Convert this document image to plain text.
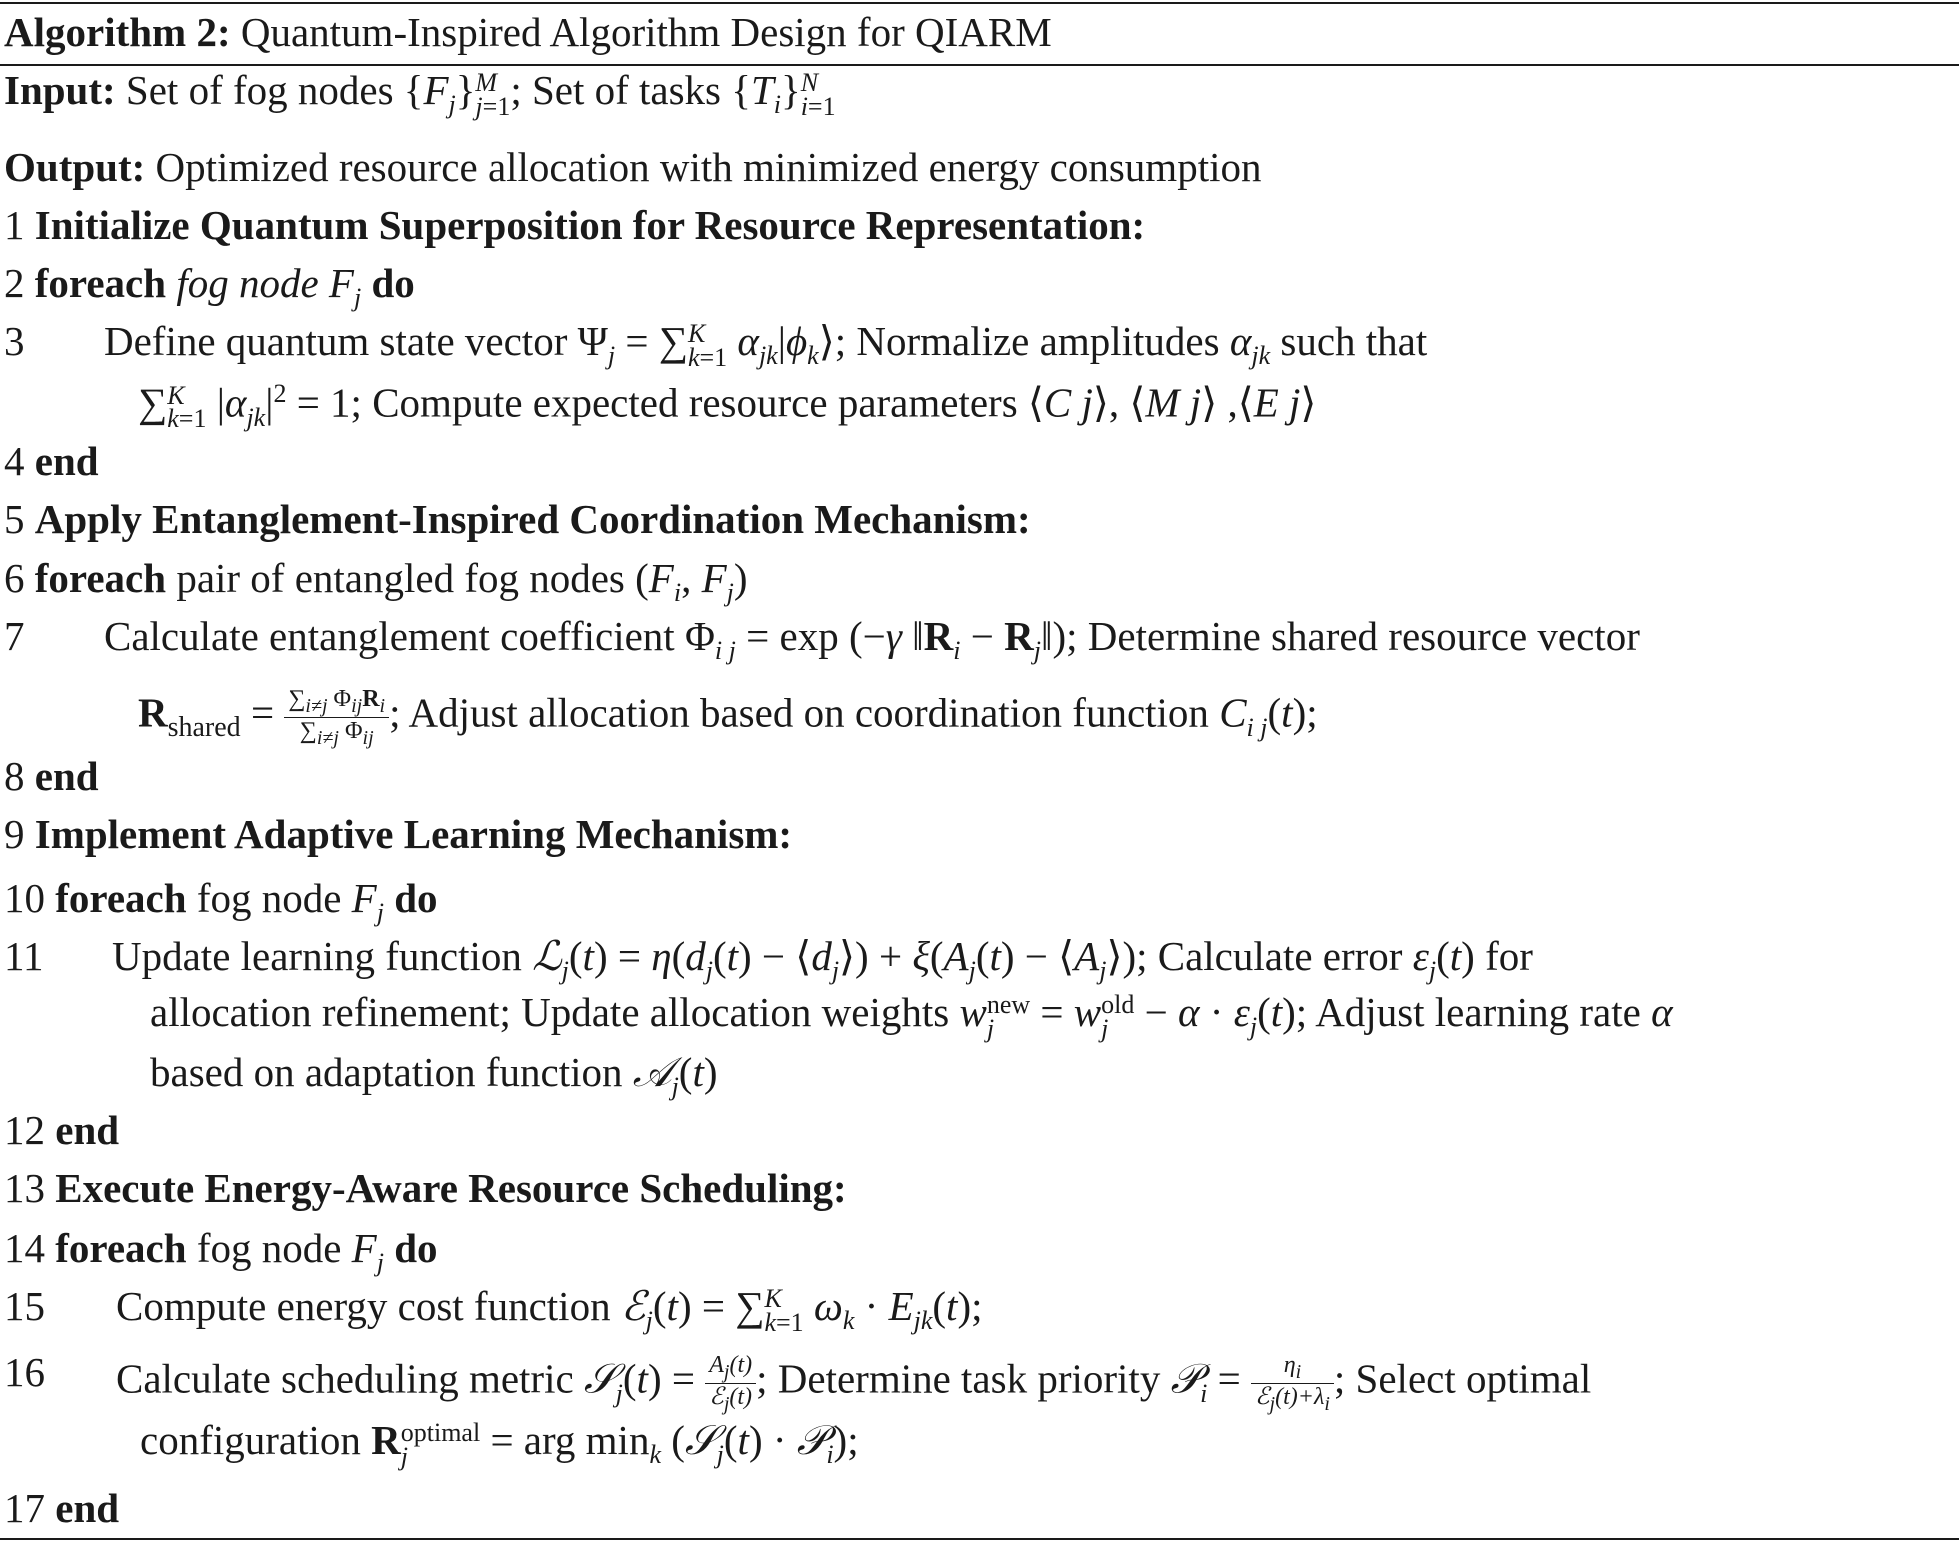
Algorithm 2: Quantum-Inspired Algorithm Design for QIARM
Input: Set of fog nodes $\{F_j\}$ M
j=1 ; Set of tasks $\{T_i\}$ N
i=1
Output: Optimized resource allocation with minimized energy consumption
1 Initialize Quantum Superposition for Resource Representation:
2 foreach fog node $F_j$ do
3 Define quantum state vector $\Psi_j$ = ∑ K
k=1 $\alpha_{jk}|\phi_k⟩$; Normalize amplitudes $\alpha_{jk}$ such that
∑ K
k=1 $|\alpha_{jk}|^2 = 1$; Compute expected resource parameters ⟨C j⟩, ⟨M j⟩ ,⟨E j⟩
4 end
5 Apply Entanglement-Inspired Coordination Mechanism:
6 foreach pair of entangled fog nodes ($F_i$, $F_j$)
7 Calculate entanglement coefficient $\Phi_{i j} = \exp (-\gamma$ $‖R_i$ − $R_j‖$); Determine shared resource vector
$R_{shared} = \sum_{i\ne j}$ $\Phi_{ij}R_i$
$\sum_{i\ne j}$ $\Phi_{ij}$
; Adjust allocation based on coordination function $C_{i j}(t)$;
8 end
9 Implement Adaptive Learning Mechanism:
10 foreach fog node $F_j$ do
11 Update learning function ℒ$_j$(t) = $\eta(d_j(t)$ − $⟨d_j⟩) + \xi(A_j(t)$ − $⟨A_j⟩$); Calculate error $\varepsilon_j(t)$ for
allocation refinement; Update allocation weights w new
j = w old
$j - \alpha \cdot \varepsilon_j(t)$; Adjust learning rate α
based on adaptation function 𝒜$_j$(t)
12 end
13 Execute Energy-Aware Resource Scheduling:
14 foreach fog node $F_j$ do
15 Compute energy cost function ℰ$_j$(t) = ∑ K
k=1 $\omega_k \cdot E_{jk}(t)$;
16 Calculate scheduling metric 𝒮$_j$(t) = $A_j(t)$
ℰ$_j$(t) ; Determine task priority 𝒫$_i$ =	$\eta_i$
$ℰ_j(t)+\lambda_i$
; Select optimal
configuration R optimal
j	= arg $\min_k$ (𝒮$_j$(t) · 𝒫$_i$);
17 end
